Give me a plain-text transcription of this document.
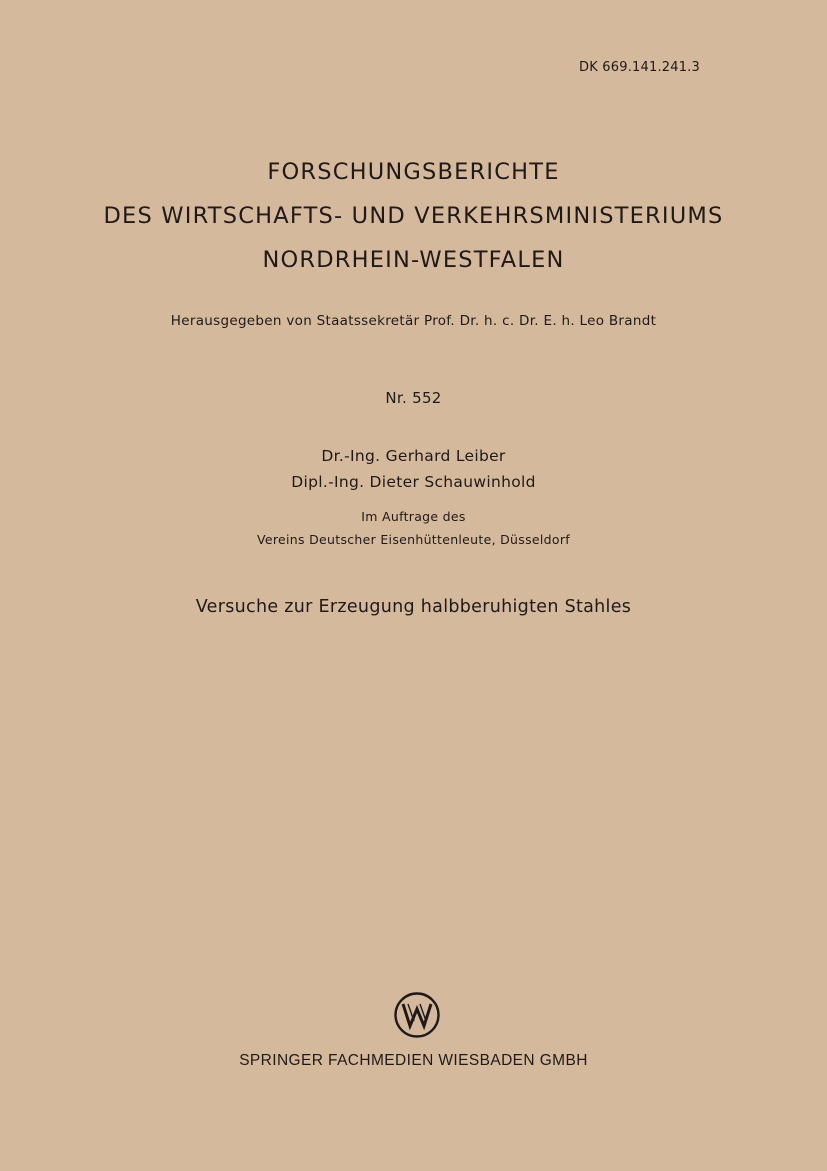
DK 669.141.241.3
FORSCHUNGSBERICHTE
DES WIRTSCHAFTS- UND VERKEHRSMINISTERIUMS
NORDRHEIN-WESTFALEN
Herausgegeben von Staatssekretär Prof. Dr. h. c. Dr. E. h. Leo Brandt
Nr. 552
Dr.-Ing. Gerhard Leiber
Dipl.-Ing. Dieter Schauwinhold
Im Auftrage des
Vereins Deutscher Eisenhüttenleute, Düsseldorf
Versuche zur Erzeugung halbberuhigten Stahles
SPRINGER FACHMEDIEN WIESBADEN GMBH
